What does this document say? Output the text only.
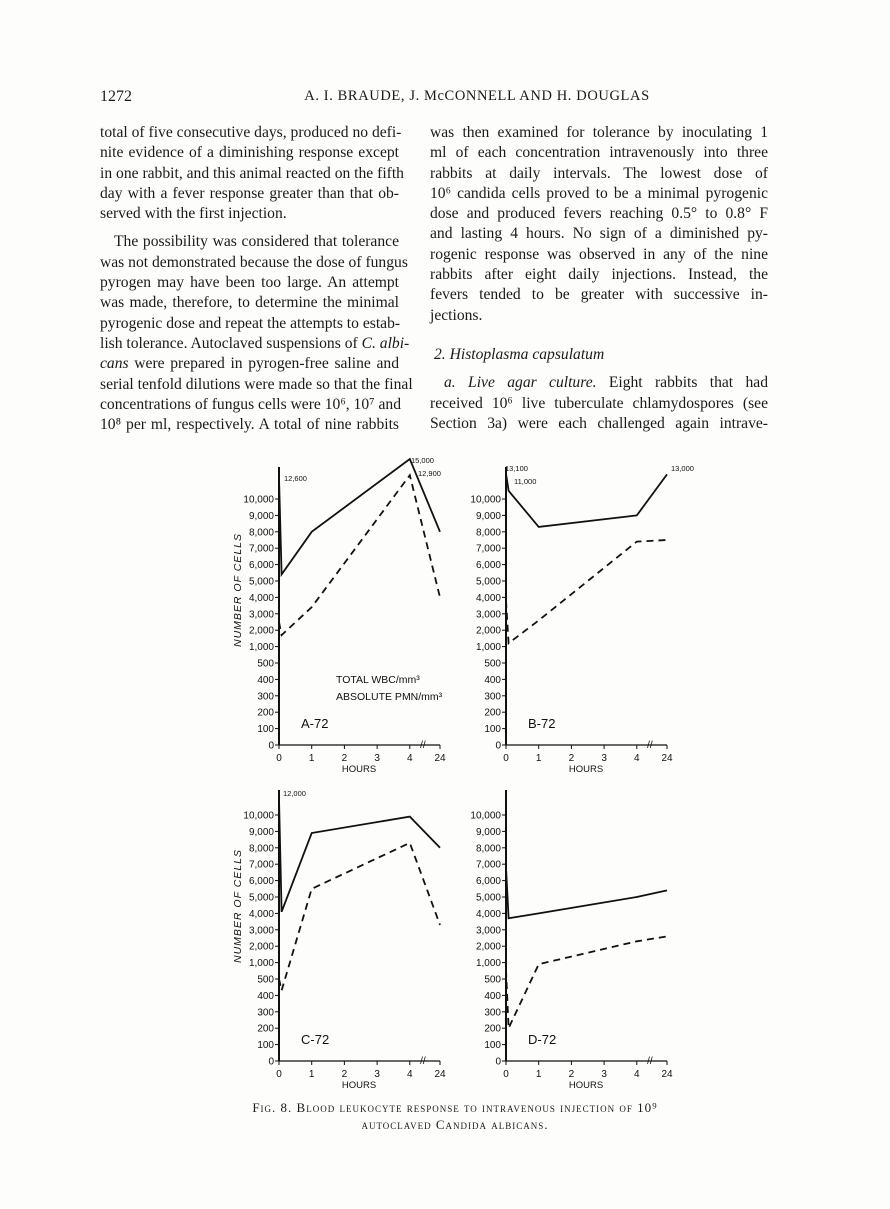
1272	A. I. BRAUDE, J. McCONNELL AND H. DOUGLAS
total of five consecutive days, produced no defi-
nite evidence of a diminishing response except
in one rabbit, and this animal reacted on the fifth
day with a fever response greater than that ob-
served with the first injection.
The possibility was considered that tolerance
was not demonstrated because the dose of fungus
pyrogen may have been too large. An attempt
was made, therefore, to determine the minimal
pyrogenic dose and repeat the attempts to estab-
lish tolerance. Autoclaved suspensions of C. albi-
cans were prepared in pyrogen-free saline and
serial tenfold dilutions were made so that the final
concentrations of fungus cells were 10⁶, 10⁷ and
10⁸ per ml, respectively. A total of nine rabbits
was then examined for tolerance by inoculating 1
ml of each concentration intravenously into three
rabbits at daily intervals. The lowest dose of
10⁶ candida cells proved to be a minimal pyrogenic
dose and produced fevers reaching 0.5° to 0.8° F
and lasting 4 hours. No sign of a diminished py-
rogenic response was observed in any of the nine
rabbits after eight daily injections. Instead, the
fevers tended to be greater with successive in-
jections.
2. Histoplasma capsulatum
a. Live agar culture. Eight rabbits that had
received 10⁶ live tuberculate chlamydospores (see
Section 3a) were each challenged again intrave-
//
0
100
200
300
400
500
1,000
2,000
3,000
4,000
5,000
6,000
7,000
8,000
9,000
10,000
0	1	2	3	4 24
HOURS
NUMBER OF CELLS
A-72
TOTAL WBC/mm³
ABSOLUTE PMN/mm³
12,600
15,000
12,900
//
0
100
200
300
400
500
1,000
2,000
3,000
4,000
5,000
6,000
7,000
8,000
9,000
10,000
0	1	2	3	4 24
HOURS
B-72
13,100
11,000
13,000
//
0
100
200
300
400
500
1,000
2,000
3,000
4,000
5,000
6,000
7,000
8,000
9,000
10,000
0	1	2	3	4 24
HOURS
NUMBER OF CELLS
C-72
12,000
//
0
100
200
300
400
500
1,000
2,000
3,000
4,000
5,000
6,000
7,000
8,000
9,000
10,000
0	1	2	3	4 24
HOURS
D-72
Fig. 8. Blood leukocyte response to intravenous injection of 10⁹
autoclaved Candida albicans.
